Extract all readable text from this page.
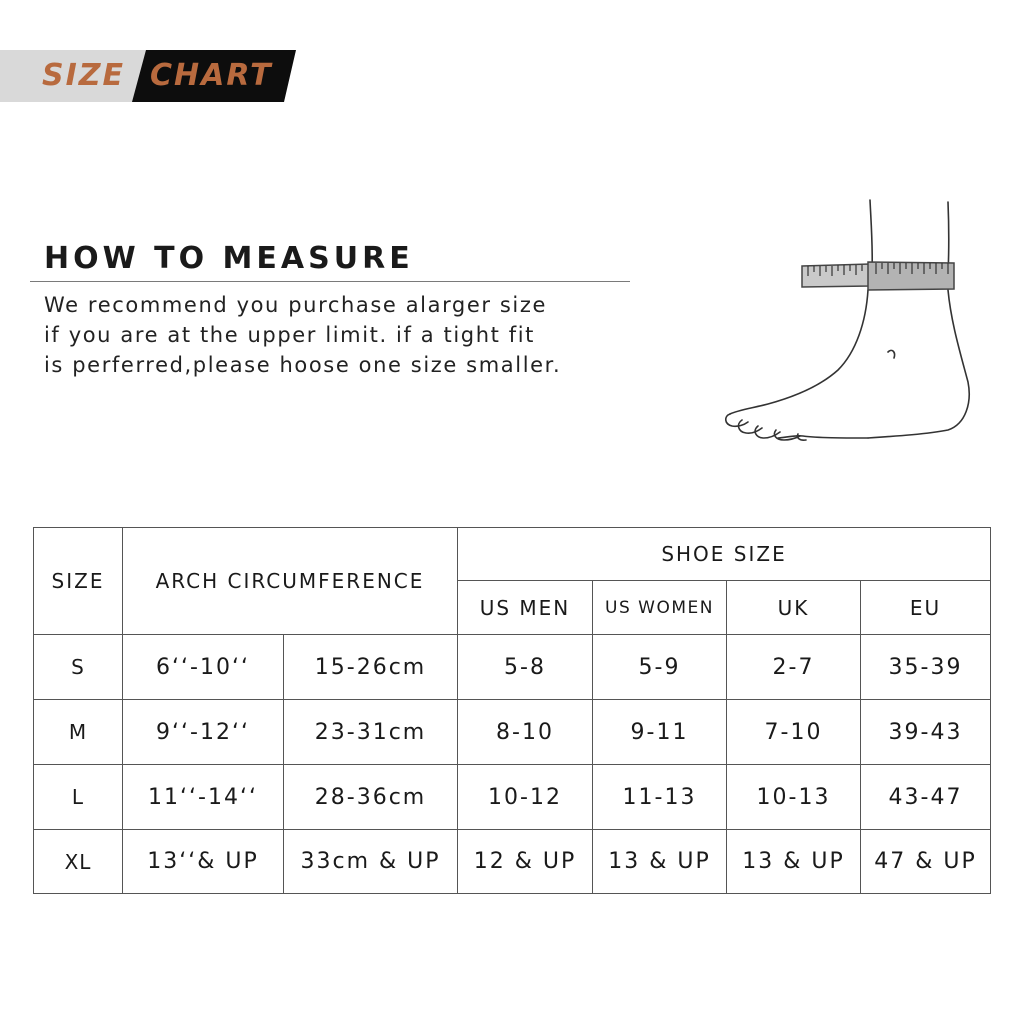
SIZE CHART
HOW TO MEASURE

We recommend you purchase alarger size
if you are at the upper limit. if a tight fit
is perferred,please hoose one size smaller.

SIZE	ARCH CIRCUMFERENCE		SHOE SIZE			
			US MEN	US WOMEN	UK	EU
S	6‘‘-10‘‘	15-26cm	5-8	5-9	2-7	35-39
M	9‘‘-12‘‘	23-31cm	8-10	9-11	7-10	39-43
L	11‘‘-14‘‘	28-36cm	10-12	11-13	10-13	43-47
XL	13‘‘& UP	33cm & UP	12 & UP	13 & UP	13 & UP	47 & UP
